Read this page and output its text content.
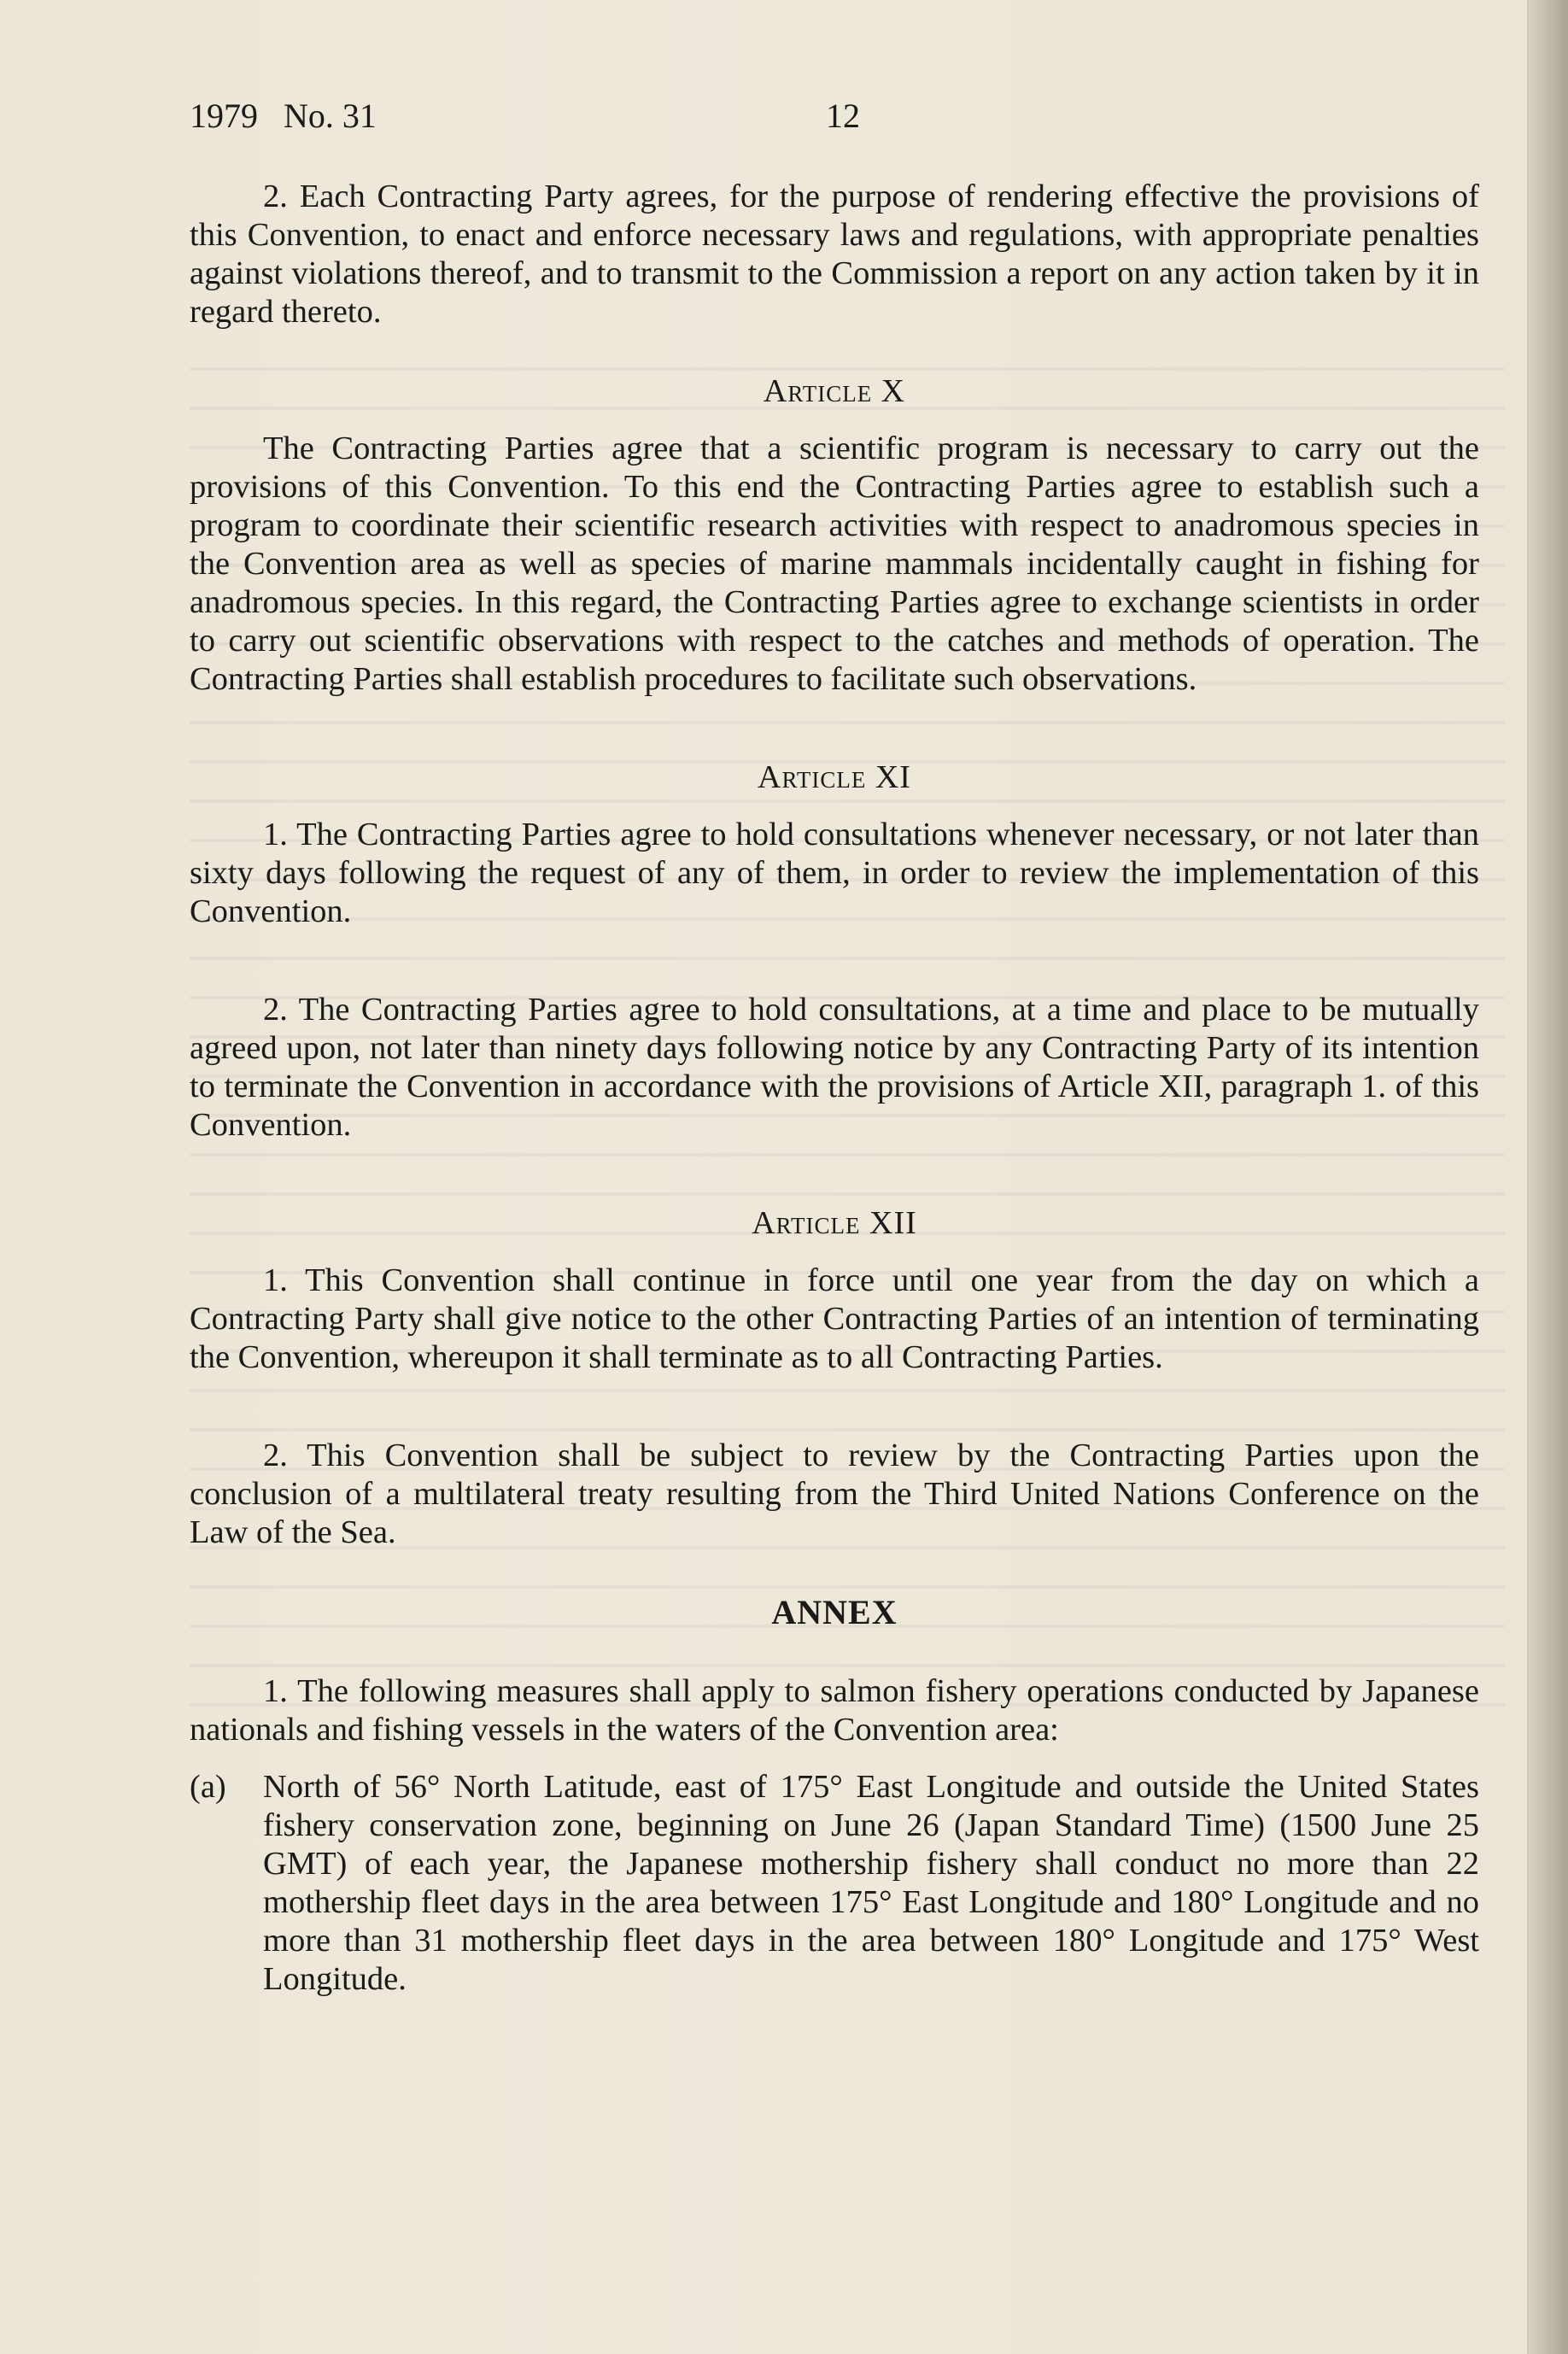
1979   No. 31	12

2. Each Contracting Party agrees, for the purpose of rendering effective the provisions of this Convention, to enact and enforce necessary laws and regulations, with appropriate penalties against violations thereof, and to transmit to the Commission a report on any action taken by it in regard thereto.

Article X

The Contracting Parties agree that a scientific program is necessary to carry out the provisions of this Convention. To this end the Contracting Parties agree to establish such a program to coordinate their scientific research activities with respect to anadromous species in the Convention area as well as species of marine mammals incidentally caught in fishing for anadromous species. In this regard, the Contracting Parties agree to exchange scientists in order to carry out scientific observations with respect to the catches and methods of operation. The Contracting Parties shall establish procedures to facilitate such observations.

Article XI

1. The Contracting Parties agree to hold consultations whenever necessary, or not later than sixty days following the request of any of them, in order to review the implementation of this Convention.

2. The Contracting Parties agree to hold consultations, at a time and place to be mutually agreed upon, not later than ninety days following notice by any Contracting Party of its intention to terminate the Convention in accordance with the provisions of Article XII, paragraph 1. of this Convention.

Article XII

1. This Convention shall continue in force until one year from the day on which a Contracting Party shall give notice to the other Contracting Parties of an intention of terminating the Convention, whereupon it shall terminate as to all Contracting Parties.

2. This Convention shall be subject to review by the Contracting Parties upon the conclusion of a multilateral treaty resulting from the Third United Nations Conference on the Law of the Sea.

ANNEX

1. The following measures shall apply to salmon fishery operations conducted by Japanese nationals and fishing vessels in the waters of the Convention area:

(a)	North of 56° North Latitude, east of 175° East Longitude and outside the United States fishery conservation zone, beginning on June 26 (Japan Standard Time) (1500 June 25 GMT) of each year, the Japanese mothership fishery shall conduct no more than 22 mothership fleet days in the area between 175° East Longitude and 180° Longitude and no more than 31 mothership fleet days in the area between 180° Longitude and 175° West Longitude.
